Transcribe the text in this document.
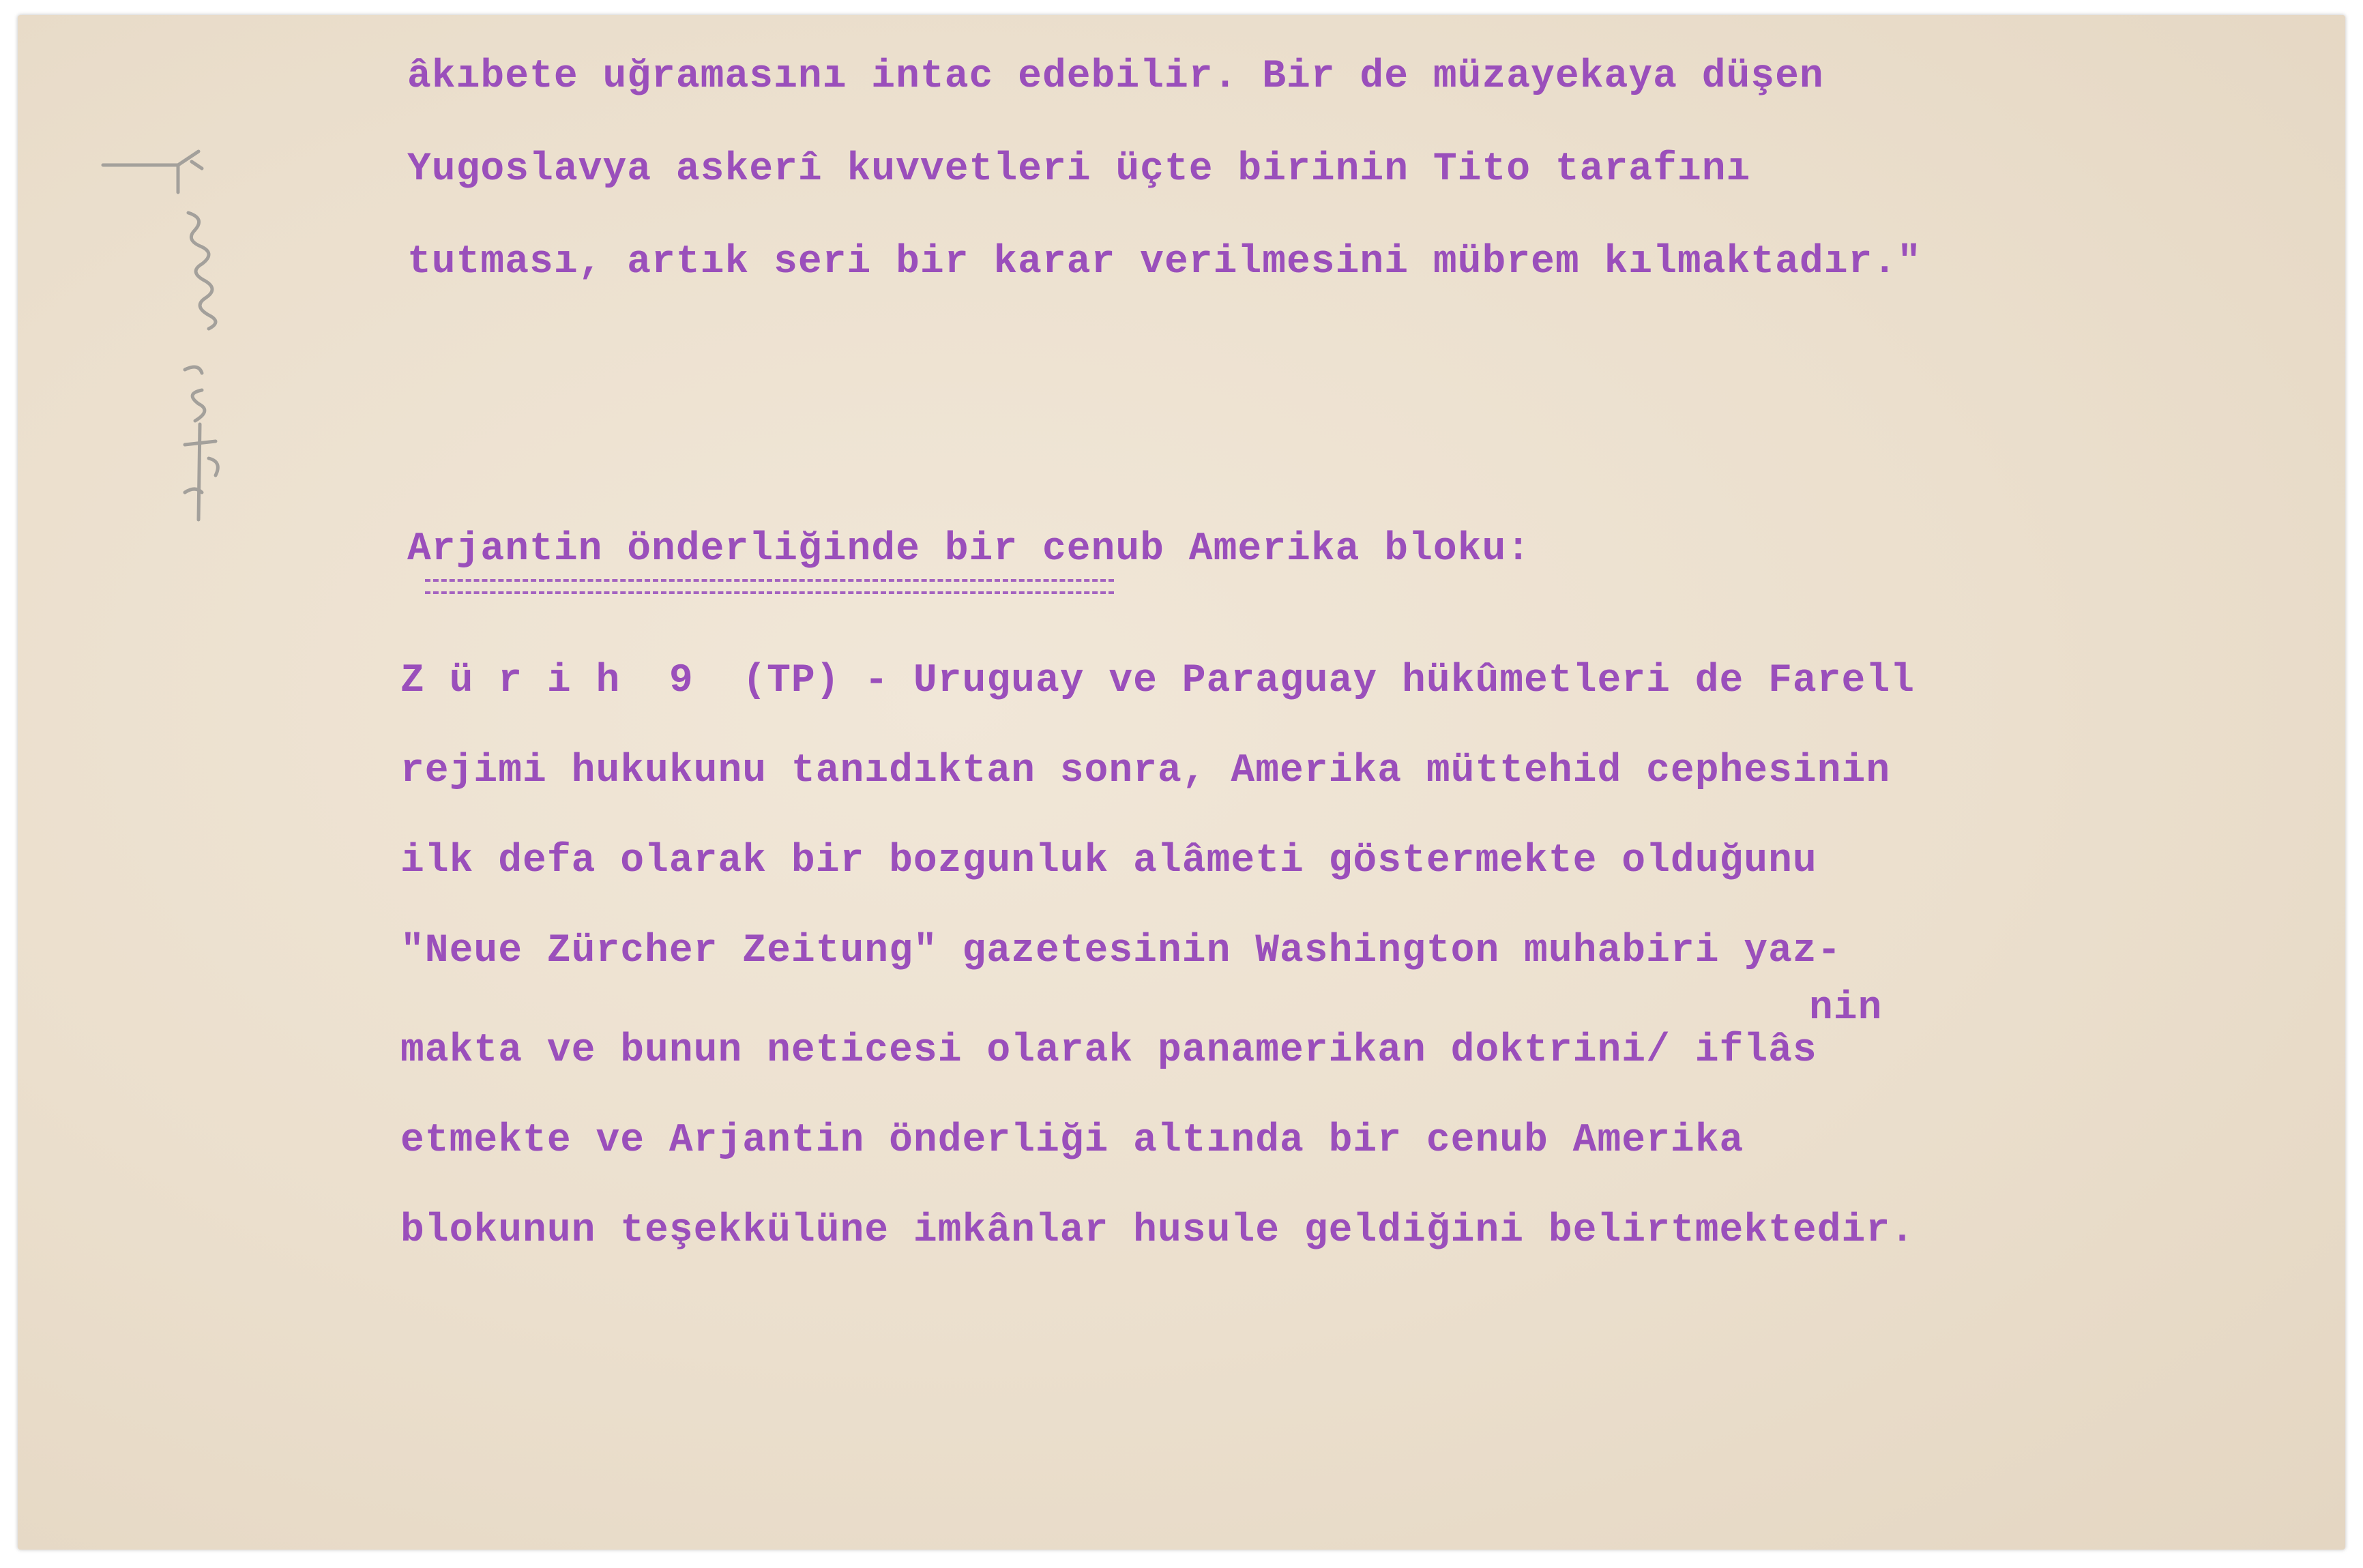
âkıbete uğramasını intac edebilir. Bir de müzayekaya düşen

Yugoslavya askerî kuvvetleri üçte birinin Tito tarafını

tutması, artık seri bir karar verilmesini mübrem kılmaktadır."

Arjantin önderliğinde bir cenub Amerika bloku:

Z ü r i h  9  (TP) - Uruguay ve Paraguay hükûmetleri de Farell

rejimi hukukunu tanıdıktan sonra, Amerika müttehid cephesinin

ilk defa olarak bir bozgunluk alâmeti göstermekte olduğunu

"Neue Zürcher Zeitung" gazetesinin Washington muhabiri yaz-

nin

makta ve bunun neticesi olarak panamerikan doktrini/ iflâs

etmekte ve Arjantin önderliği altında bir cenub Amerika

blokunun teşekkülüne imkânlar husule geldiğini belirtmektedir.
